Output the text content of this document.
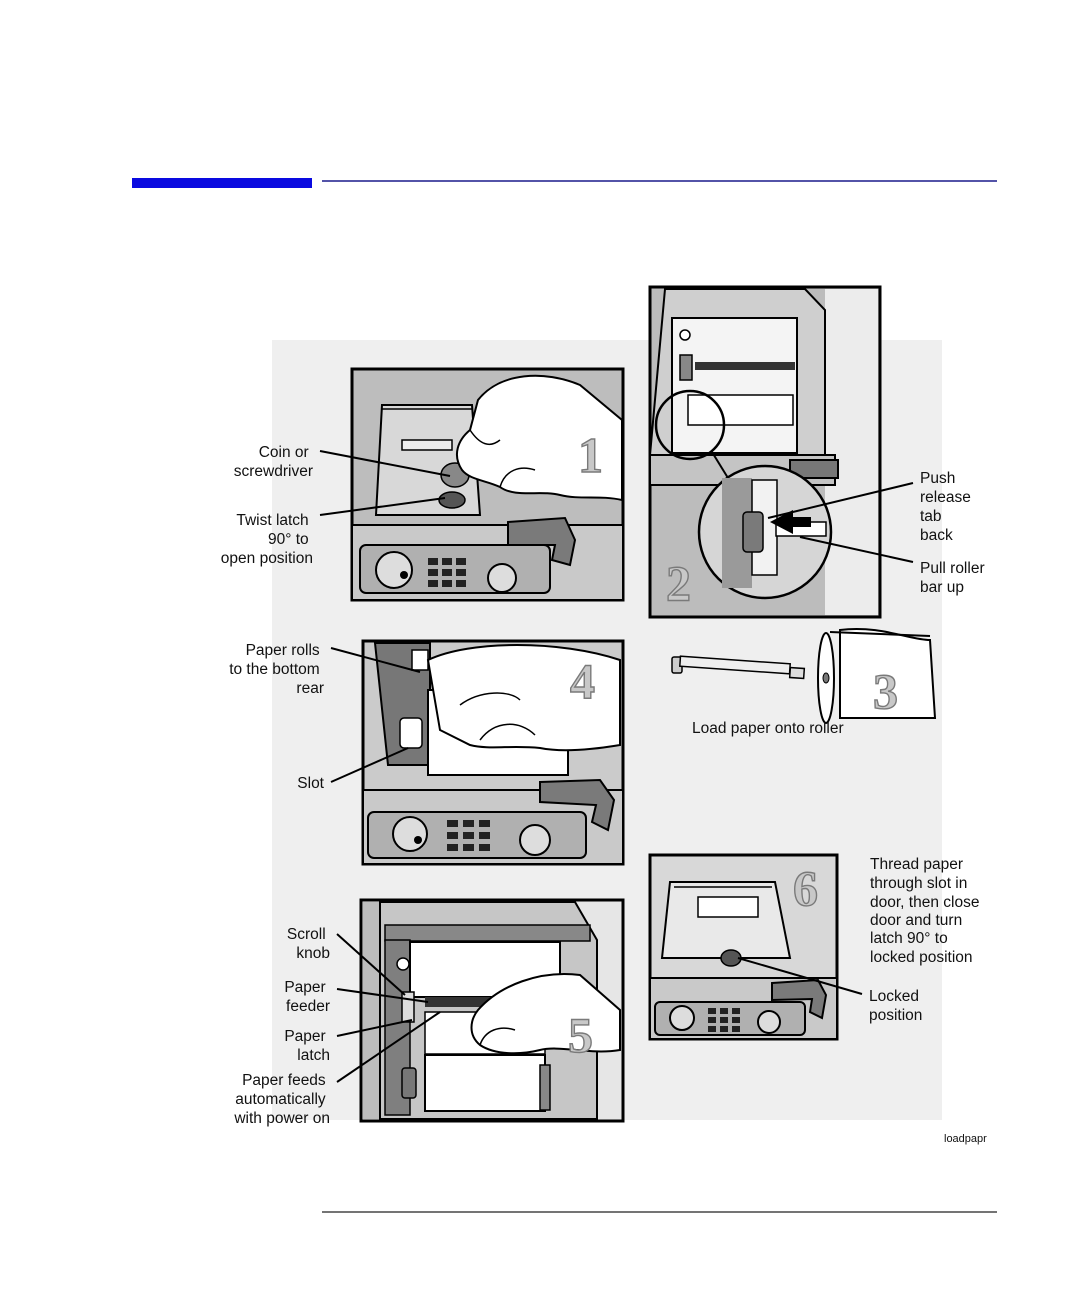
1
Coin or screwdriver
Twist latch 90° to open position	2
Push release tab back
Pull roller bar up
3
Load paper onto roller
4
Paper rolls to the bottom rear
Slot
5
Scroll knob
Paper feeder
Paper latch
Paper feeds automatically with power on
6	Thread paper through slot in door, then close door and turn latch 90° to locked position
Locked position
loadpapr
